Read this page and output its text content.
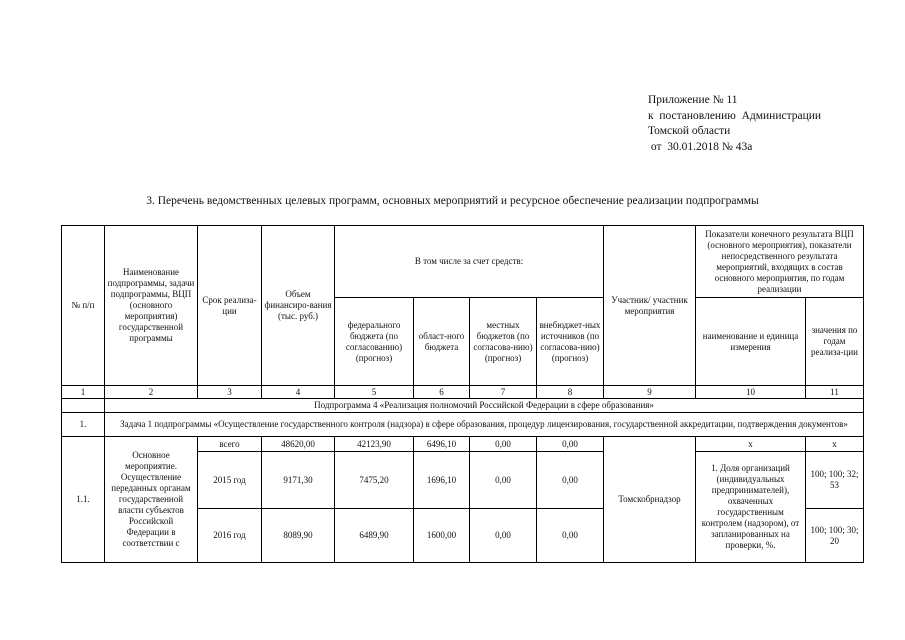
Приложение № 11
к  постановлению  Администрации
Томской области
от  30.01.2018 № 43а
3. Перечень ведомственных целевых программ, основных мероприятий и ресурсное обеспечение реализации подпрограммы
№ п/п	Наименование подпрограммы, задачи подпрограммы, ВЦП (основного мероприятия) государственной программы	Срок реализа-ции	Объем финансиро-вания (тыс. руб.)	В том числе за счет средств:				Участник/ участник мероприятия	Показатели конечного результата ВЦП (основного мероприятия), показатели непосредственного результата мероприятий, входящих в состав основного мероприятия, по годам реализации	
				федерального бюджета (по согласованию) (прогноз)	област-ного бюджета	местных бюджетов (по согласова-нию) (прогноз)	внебюджет-ных источников (по согласова-нию) (прогноз)		наименование и единица измерения	значения по годам реализа-ции
1	2	3	4	5	6	7	8	9	10	11
	Подпрограмма 4 «Реализация полномочий Российской Федерации в сфере образования»									
1.	Задача 1 подпрограммы «Осуществление государственного контроля (надзора) в сфере образования, процедур лицензирования, государственной аккредитации, подтверждения документов»									
1.1.	Основное мероприятие. Осуществление переданных органам государственной власти субъектов Российской Федерации в соответствии с	всего	48620,00	42123,90	6496,10	0,00	0,00	Томскобрнадзор	х	х
		2015 год	9171,30	7475,20	1696,10	0,00	0,00		1. Доля организаций (индивидуальных предпринимателей), охваченных государственным контролем (надзором), от запланированных на проверки, %.	100; 100; 32; 53
		2016 год	8089,90	6489,90	1600,00	0,00	0,00			100; 100; 30; 20
